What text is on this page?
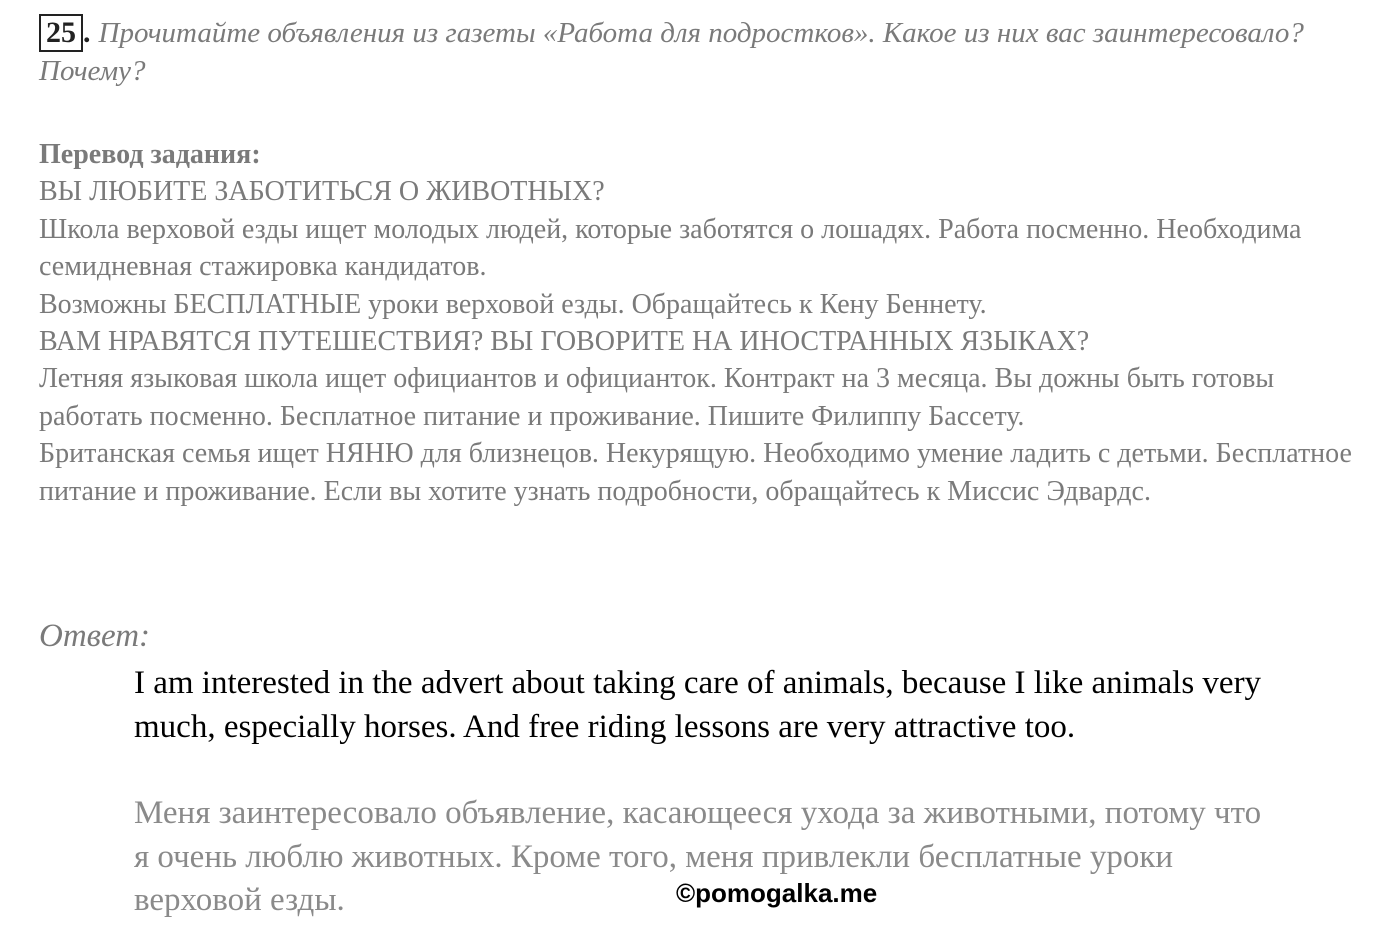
25 . Прочитайте объявления из газеты «Работа для подростков». Какое из них вас заинтересовало? Почему?

Перевод задания:

ВЫ ЛЮБИТЕ ЗАБОТИТЬСЯ О ЖИВОТНЫХ?

Школа верховой езды ищет молодых людей, которые заботятся о лошадях. Работа посменно. Необходима семидневная стажировка кандидатов.

Возможны БЕСПЛАТНЫЕ уроки верховой езды. Обращайтесь к Кену Беннету.

ВАМ НРАВЯТСЯ ПУТЕШЕСТВИЯ? ВЫ ГОВОРИТЕ НА ИНОСТРАННЫХ ЯЗЫКАХ?

Летняя языковая школа ищет официантов и официанток. Контракт на 3 месяца. Вы дожны быть готовы работать посменно. Бесплатное питание и проживание. Пишите Филиппу Бассету.

Британская семья ищет НЯНЮ для близнецов. Некурящую. Необходимо умение ладить с детьми. Бесплатное питание и проживание. Если вы хотите узнать подробности, обращайтесь к Миссис Эдвардс.

Ответ:

I am interested in the advert about taking care of animals, because I like animals very much, especially horses. And free riding lessons are very attractive too.

Меня заинтересовало объявление, касающееся ухода за животными, потому что я очень люблю животных. Кроме того, меня привлекли бесплатные уроки верховой езды.	©pomogalka.me
